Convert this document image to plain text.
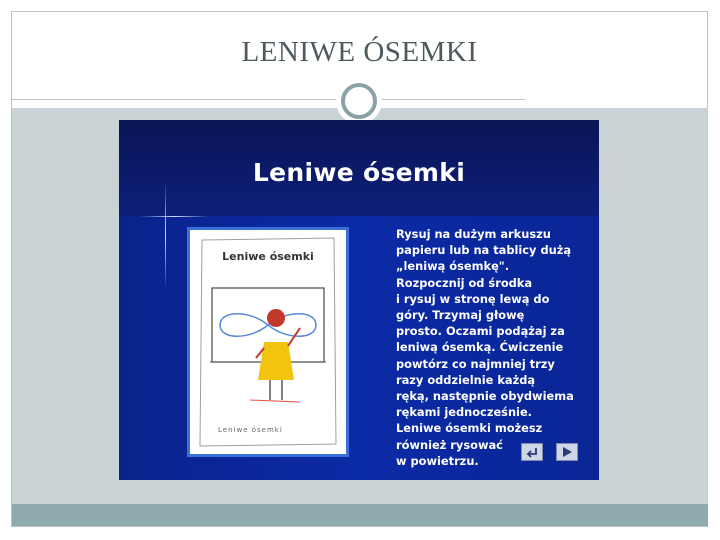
LENIWE ÓSEMKI
Leniwe ósemki
Leniwe ósemki
Leniwe ósemki
Rysuj na dużym arkuszu
papieru lub na tablicy dużą
„leniwą ósemkę".
Rozpocznij od środka
i rysuj w stronę lewą do
góry. Trzymaj głowę
prosto. Oczami podążaj za
leniwą ósemką. Ćwiczenie
powtórz co najmniej trzy
razy oddzielnie każdą
ręką, następnie obydwiema
rękami jednocześnie.
Leniwe ósemki możesz
również rysować
w powietrzu.
